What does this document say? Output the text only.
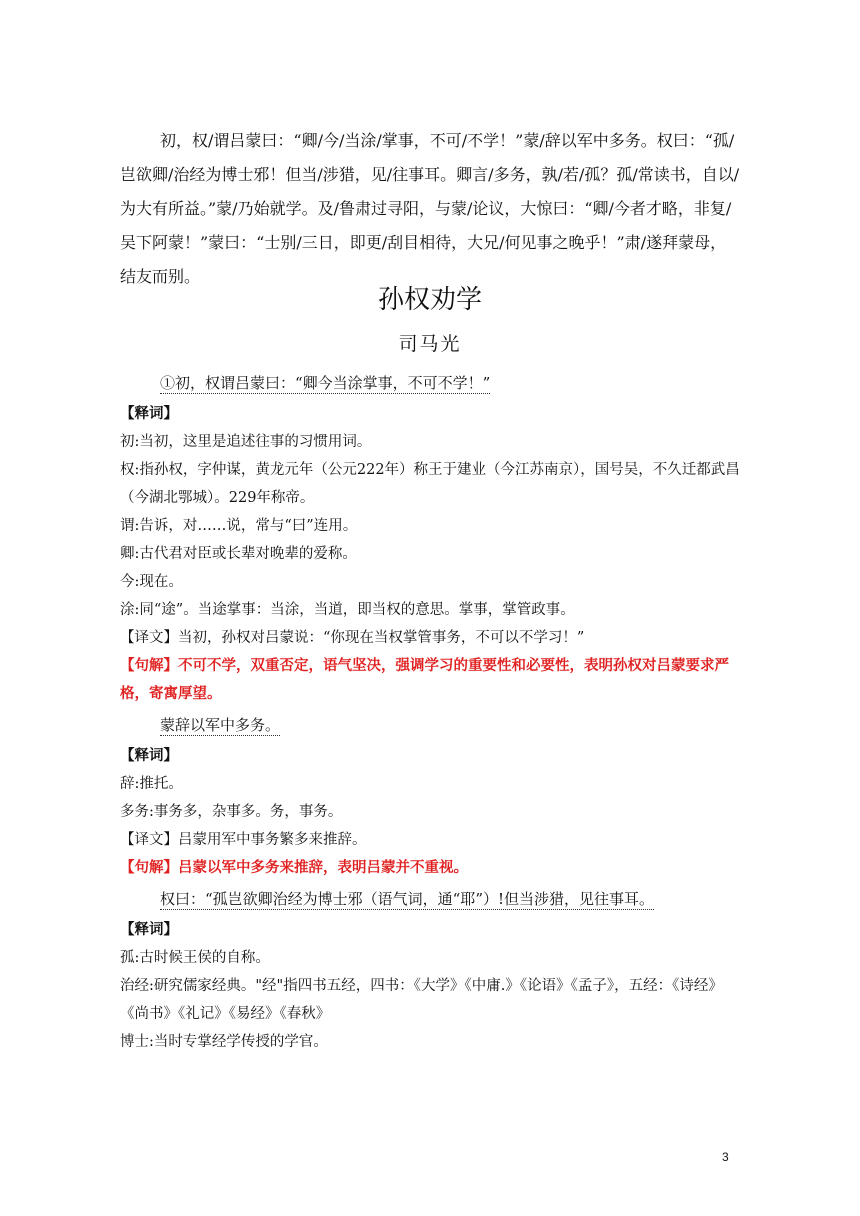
初，权/谓吕蒙曰：“卿/今/当涂/掌事，不可/不学！”蒙/辞以军中多务。权曰：“孤/岂欲卿/治经为博士邪！但当/涉猎，见/往事耳。卿言/多务，孰/若/孤？孤/常读书，自以/为大有所益。”蒙/乃始就学。及/鲁肃过寻阳，与蒙/论议，大惊曰：“卿/今者才略，非复/吴下阿蒙！”蒙曰：“士别/三日，即更/刮目相待，大兄/何见事之晚乎！”肃/遂拜蒙母，结友而别。

孙权劝学
司马光

①初，权谓吕蒙曰：“卿今当涂掌事，不可不学！”

【释词】

初:当初，这里是追述往事的习惯用词。

权:指孙权，字仲谋，黄龙元年（公元222年）称王于建业（今江苏南京），国号吴，不久迁都武昌（今湖北鄂城）。229年称帝。

谓:告诉，对……说，常与“曰”连用。

卿:古代君对臣或长辈对晚辈的爱称。

今:现在。

涂:同“途”。当途掌事：当涂，当道，即当权的意思。掌事，掌管政事。

【译文】当初，孙权对吕蒙说：“你现在当权掌管事务，不可以不学习！”

【句解】不可不学，双重否定，语气坚决，强调学习的重要性和必要性，表明孙权对吕蒙要求严格，寄寓厚望。

蒙辞以军中多务。

【释词】

辞:推托。

多务:事务多，杂事多。务，事务。

【译文】吕蒙用军中事务繁多来推辞。

【句解】吕蒙以军中多务来推辞，表明吕蒙并不重视。

权曰：“孤岂欲卿治经为博士邪（语气词，通“耶”）!但当涉猎，见往事耳。

【释词】

孤:古时候王侯的自称。

治经:研究儒家经典。"经"指四书五经，四书：《大学》《中庸.》《论语》《孟子》，五经：《诗经》《尚书》《礼记》《易经》《春秋》

博士:当时专掌经学传授的学官。

3
